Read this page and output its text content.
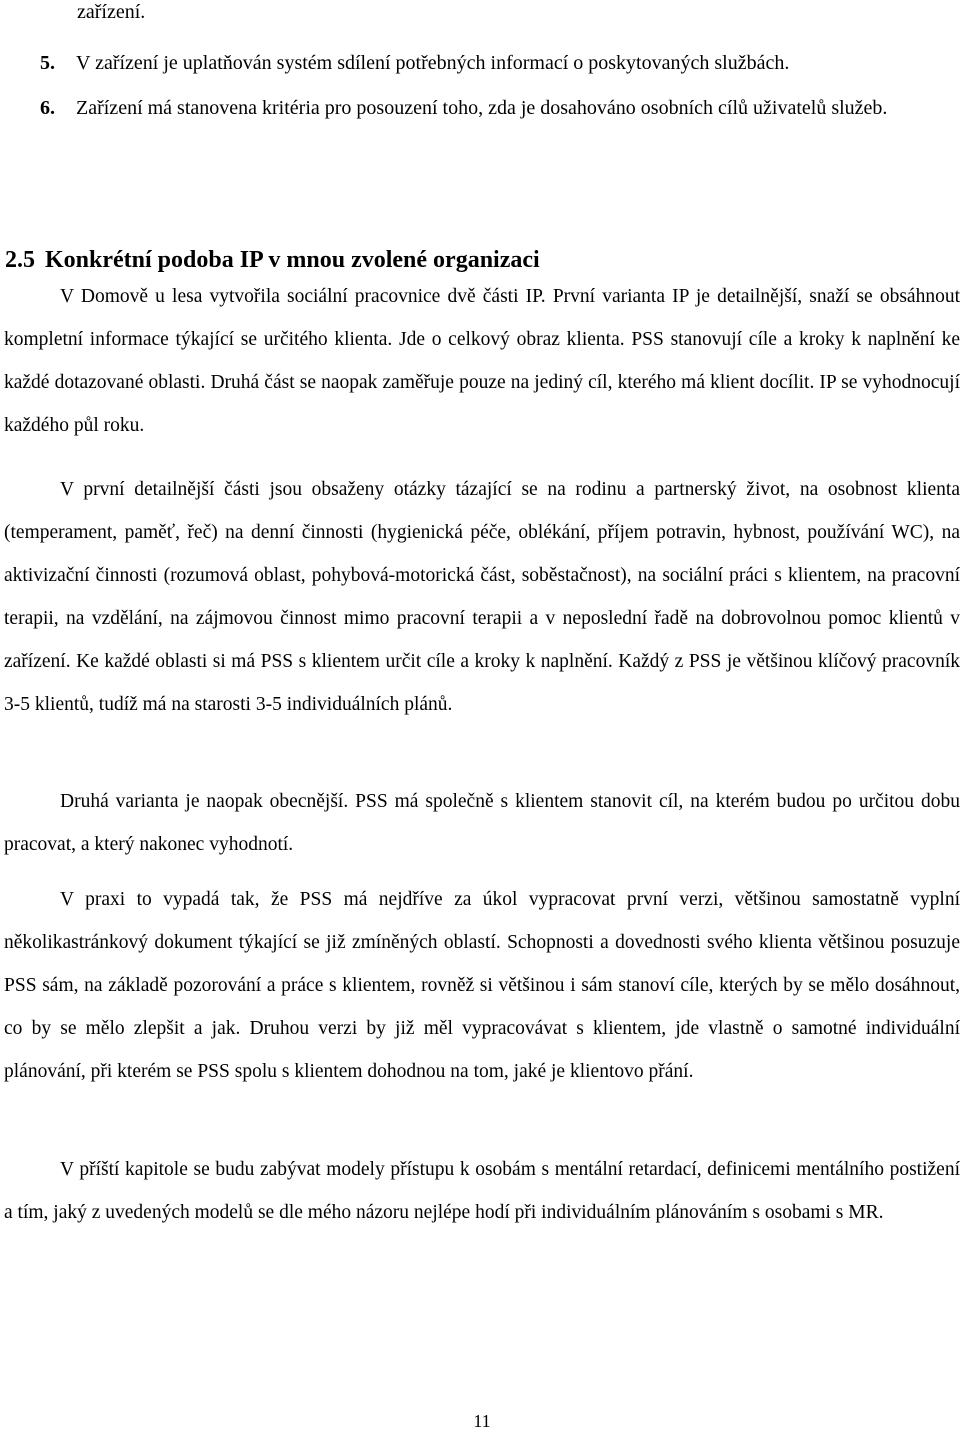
zařízení.
5.	V zařízení je uplatňován systém sdílení potřebných informací o poskytovaných službách.
6.	Zařízení má stanovena kritéria pro posouzení toho, zda je dosahováno osobních cílů uživatelů služeb.
2.5 Konkrétní podoba IP v mnou zvolené organizaci

V Domově u lesa vytvořila sociální pracovnice dvě části IP. První varianta IP je detailnější, snaží se obsáhnout kompletní informace týkající se určitého klienta. Jde o celkový obraz klienta. PSS stanovují cíle a kroky k naplnění ke každé dotazované oblasti. Druhá část se naopak zaměřuje pouze na jediný cíl, kterého má klient docílit. IP se vyhodnocují každého půl roku.

V první detailnější části jsou obsaženy otázky tázající se na rodinu a partnerský život, na osobnost klienta (temperament, paměť, řeč) na denní činnosti (hygienická péče, oblékání, příjem potravin, hybnost, používání WC), na aktivizační činnosti (rozumová oblast, pohybová-motorická část, soběstačnost), na sociální práci s klientem, na pracovní terapii, na vzdělání, na zájmovou činnost mimo pracovní terapii a v neposlední řadě na dobrovolnou pomoc klientů v zařízení. Ke každé oblasti si má PSS s klientem určit cíle a kroky k naplnění. Každý z PSS je většinou klíčový pracovník 3-5 klientů, tudíž má na starosti 3-5 individuálních plánů.

Druhá varianta je naopak obecnější. PSS má společně s klientem stanovit cíl, na kterém budou po určitou dobu pracovat, a který nakonec vyhodnotí.

V praxi to vypadá tak, že PSS má nejdříve za úkol vypracovat první verzi, většinou samostatně vyplní několikastránkový dokument týkající se již zmíněných oblastí. Schopnosti a dovednosti svého klienta většinou posuzuje PSS sám, na základě pozorování a práce s klientem, rovněž si většinou i sám stanoví cíle, kterých by se mělo dosáhnout, co by se mělo zlepšit a jak. Druhou verzi by již měl vypracovávat s klientem, jde vlastně o samotné individuální plánování, při kterém se PSS spolu s klientem dohodnou na tom, jaké je klientovo přání.

V příští kapitole se budu zabývat modely přístupu k osobám s mentální retardací, definicemi mentálního postižení a tím, jaký z uvedených modelů se dle mého názoru nejlépe hodí při individuálním plánováním s osobami s MR.

11
